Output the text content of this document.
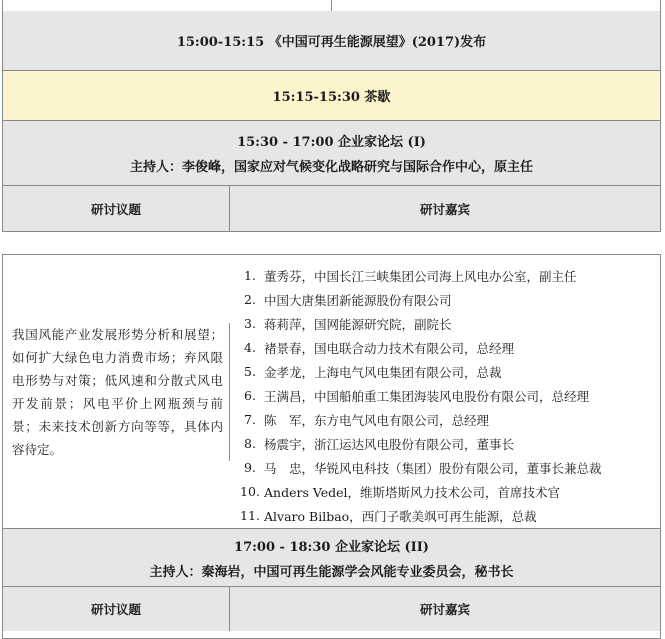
15:00-15:15 《中国可再生能源展望》(2017)发布
15:15-15:30 茶歇
15:30 - 17:00 企业家论坛 (I)
主持人：李俊峰，国家应对气候变化战略研究与国际合作中心，原主任
研讨议题	研讨嘉宾
我国风能产业发展形势分析和展望；如何扩大绿色电力消费市场；弃风限电形势与对策；低风速和分散式风电开发前景；风电平价上网瓶颈与前景；未来技术创新方向等等，具体内容待定。
1. 董秀芬，中国长江三峡集团公司海上风电办公室，副主任
2. 中国大唐集团新能源股份有限公司
3. 蒋莉萍，国网能源研究院，副院长
4. 褚景春，国电联合动力技术有限公司，总经理
5. 金孝龙，上海电气风电集团有限公司，总裁
6. 王满昌，中国船舶重工集团海装风电股份有限公司，总经理
7. 陈　军，东方电气风电有限公司，总经理
8. 杨震宇，浙江运达风电股份有限公司，董事长
9. 马　忠，华锐风电科技（集团）股份有限公司，董事长兼总裁
10. Anders Vedel，维斯塔斯风力技术公司，首席技术官
11. Alvaro Bilbao，西门子歌美飒可再生能源，总裁
17:00 - 18:30 企业家论坛 (II)
主持人：秦海岩，中国可再生能源学会风能专业委员会，秘书长
研讨议题	研讨嘉宾
